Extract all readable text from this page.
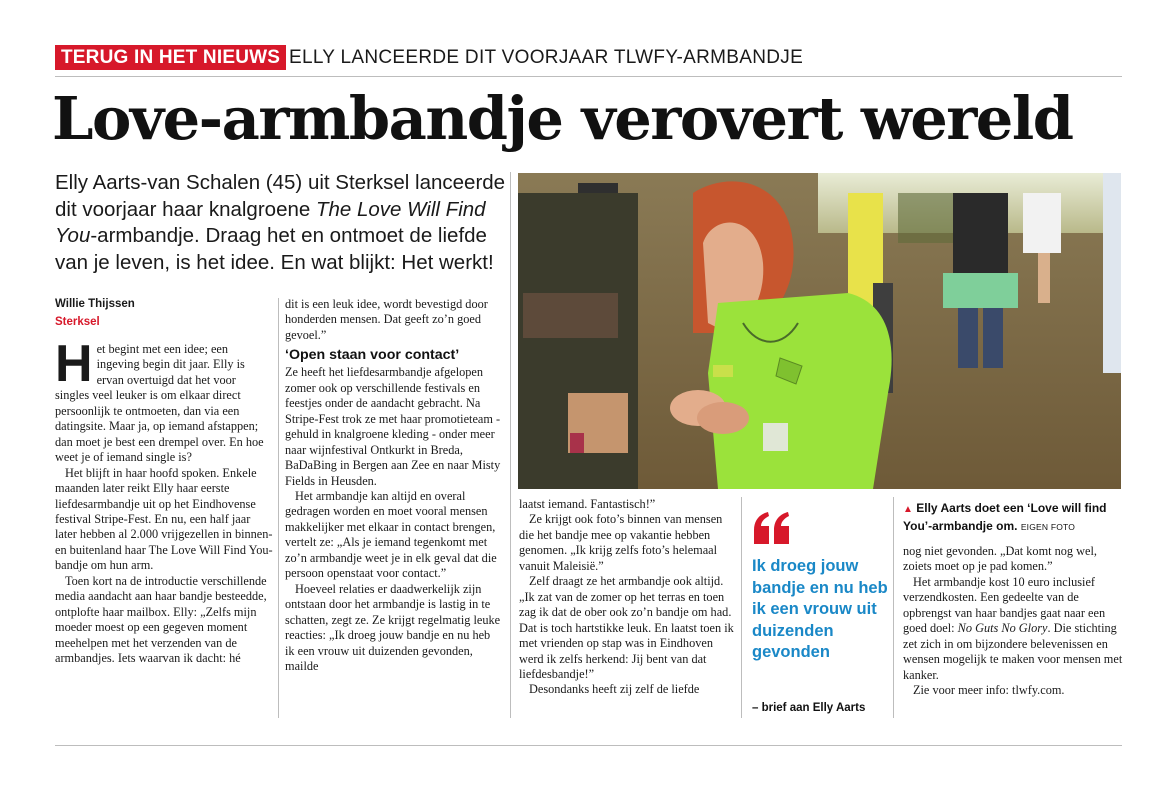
TERUG IN HET NIEUWS ELLY LANCEERDE DIT VOORJAAR TLWFY-ARMBANDJE
Love-armbandje verovert wereld
Elly Aarts-van Schalen (45) uit Sterksel lanceerde dit voorjaar haar knalgroene The Love Will Find You-armbandje. Draag het en ontmoet de liefde van je leven, is het idee. En wat blijkt: Het werkt!
Willie Thijssen
Sterksel

Het begint met een idee; een ingeving begin dit jaar. Elly is ervan overtuigd dat het voor singles veel leuker is om elkaar direct persoonlijk te ontmoeten, dan via een datingsite. Maar ja, op iemand afstappen; dan moet je best een drempel over. En hoe weet je of iemand single is?

Het blijft in haar hoofd spoken. Enkele maanden later reikt Elly haar eerste liefdesarmbandje uit op het Eindhovense festival Stripe-Fest. En nu, een half jaar later hebben al 2.000 vrijgezellen in binnen- en buitenland haar The Love Will Find You-bandje om hun arm.

Toen kort na de introductie verschillende media aandacht aan haar bandje besteedde, ontplofte haar mailbox. Elly: „Zelfs mijn moeder moest op een gegeven moment meehelpen met het verzenden van de armbandjes. Iets waarvan ik dacht: hé

dit is een leuk idee, wordt bevestigd door honderden mensen. Dat geeft zo’n goed gevoel.”

‘Open staan voor contact’

Ze heeft het liefdesarmbandje afgelopen zomer ook op verschillende festivals en feestjes onder de aandacht gebracht. Na Stripe-Fest trok ze met haar promotieteam - gehuld in knalgroene kleding - onder meer naar wijnfestival Ontkurkt in Breda, BaDaBing in Bergen aan Zee en naar Misty Fields in Heusden.

Het armbandje kan altijd en overal gedragen worden en moet vooral mensen makkelijker met elkaar in contact brengen, vertelt ze: „Als je iemand tegenkomt met zo’n armbandje weet je in elk geval dat die persoon openstaat voor contact.”

Hoeveel relaties er daadwerkelijk zijn ontstaan door het armbandje is lastig in te schatten, zegt ze. Ze krijgt regelmatig leuke reacties: „Ik droeg jouw bandje en nu heb ik een vrouw uit duizenden gevonden, mailde

laatst iemand. Fantastisch!”

Ze krijgt ook foto’s binnen van mensen die het bandje mee op vakantie hebben genomen. „Ik krijg zelfs foto’s helemaal vanuit Maleisië.”

Zelf draagt ze het armbandje ook altijd. „Ik zat van de zomer op het terras en toen zag ik dat de ober ook zo’n bandje om had. Dat is toch hartstikke leuk. En laatst toen ik met vrienden op stap was in Eindhoven werd ik zelfs herkend: Jij bent van dat liefdesbandje!”

Desondanks heeft zij zelf de liefde

Ik droeg jouw bandje en nu heb ik een vrouw uit duizenden gevonden
– brief aan Elly Aarts
▲ Elly Aarts doet een ‘Love will find You’-armbandje om. EIGEN FOTO

nog niet gevonden. „Dat komt nog wel, zoiets moet op je pad komen.”

Het armbandje kost 10 euro inclusief verzendkosten. Een gedeelte van de opbrengst van haar bandjes gaat naar een goed doel: No Guts No Glory. Die stichting zet zich in om bijzondere belevenissen en wensen mogelijk te maken voor mensen met kanker.

Zie voor meer info: tlwfy.com.
